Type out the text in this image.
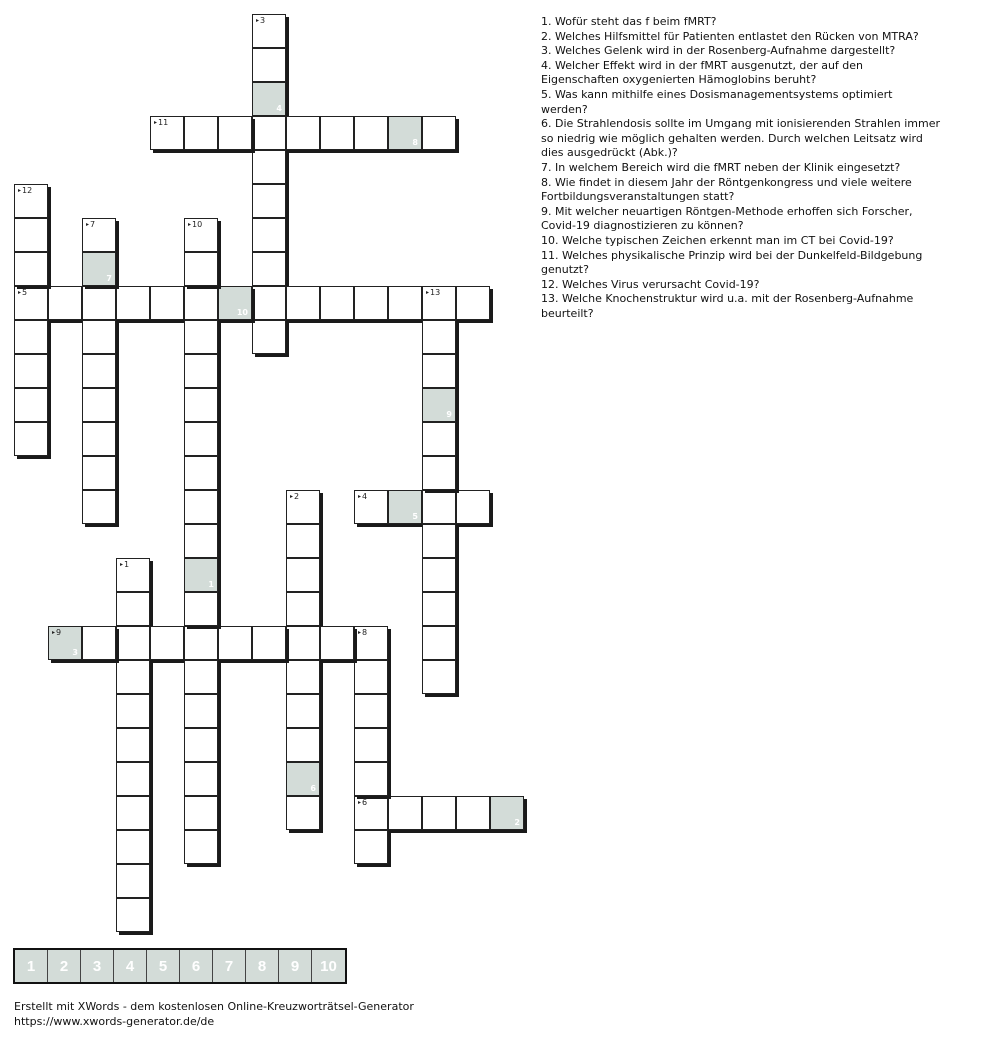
▸ 1
▸ 2
6
▸ 3
4
▸ 4
5
▸ 5
10
▸ 13
▸ 6
2
▸ 7
7
▸ 8
▸ 9
3
▸ 10
1
▸ 11
8
▸ 12
9

1. Wofür steht das f beim fMRT?

2. Welches Hilfsmittel für Patienten entlastet den Rücken von MTRA?

3. Welches Gelenk wird in der Rosenberg-Aufnahme dargestellt?

4. Welcher Effekt wird in der fMRT ausgenutzt, der auf den Eigenschaften oxygenierten Hämoglobins beruht?

5. Was kann mithilfe eines Dosismanagementsystems optimiert werden?

6. Die Strahlendosis sollte im Umgang mit ionisierenden Strahlen immer so niedrig wie möglich gehalten werden. Durch welchen Leitsatz wird dies ausgedrückt (Abk.)?

7. In welchem Bereich wird die fMRT neben der Klinik eingesetzt?

8. Wie findet in diesem Jahr der Röntgenkongress und viele weitere Fortbildungsveranstaltungen statt?

9. Mit welcher neuartigen Röntgen-Methode erhoffen sich Forscher, Covid-19 diagnostizieren zu können?

10. Welche typischen Zeichen erkennt man im CT bei Covid-19?

11. Welches physikalische Prinzip wird bei der Dunkelfeld-Bildgebung genutzt?

12. Welches Virus verursacht Covid-19?

13. Welche Knochenstruktur wird u.a. mit der Rosenberg-Aufnahme beurteilt?

1	2	3	4	5	6	7	8	9	10
Erstellt mit XWords - dem kostenlosen Online-Kreuzworträtsel-Generator
https://www.xwords-generator.de/de
